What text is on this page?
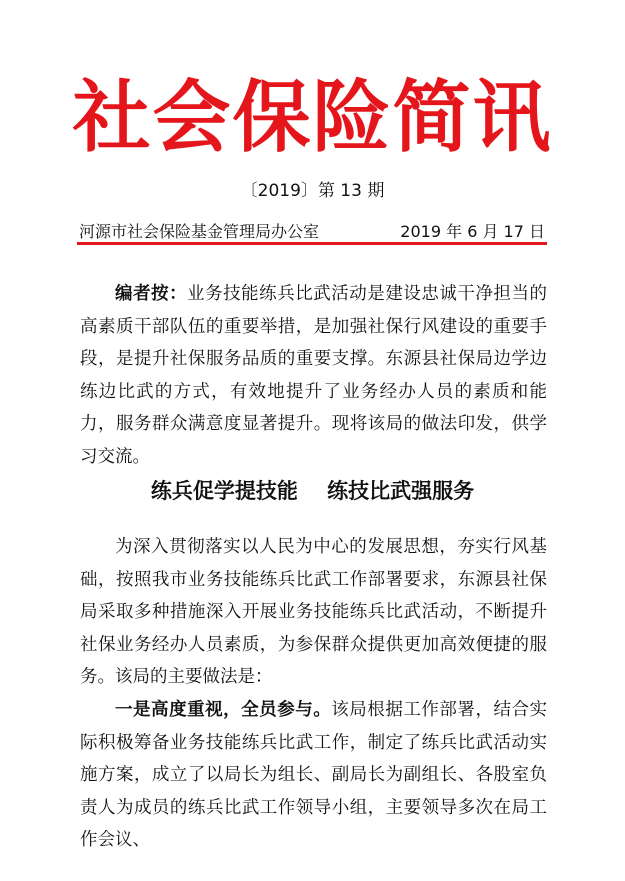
社会保险简讯
〔2019〕第 13 期
河源市社会保险基金管理局办公室	2019 年 6 月 17 日

编者按：业务技能练兵比武活动是建设忠诚干净担当的高素质干部队伍的重要举措，是加强社保行风建设的重要手段，是提升社保服务品质的重要支撑。东源县社保局边学边练边比武的方式，有效地提升了业务经办人员的素质和能力，服务群众满意度显著提升。现将该局的做法印发，供学习交流。

练兵促学提技能    练技比武强服务

为深入贯彻落实以人民为中心的发展思想，夯实行风基础，按照我市业务技能练兵比武工作部署要求，东源县社保局采取多种措施深入开展业务技能练兵比武活动，不断提升社保业务经办人员素质，为参保群众提供更加高效便捷的服务。该局的主要做法是：

一是高度重视，全员参与。该局根据工作部署，结合实际积极筹备业务技能练兵比武工作，制定了练兵比武活动实施方案，成立了以局长为组长、副局长为副组长、各股室负责人为成员的练兵比武工作领导小组，主要领导多次在局工作会议、
